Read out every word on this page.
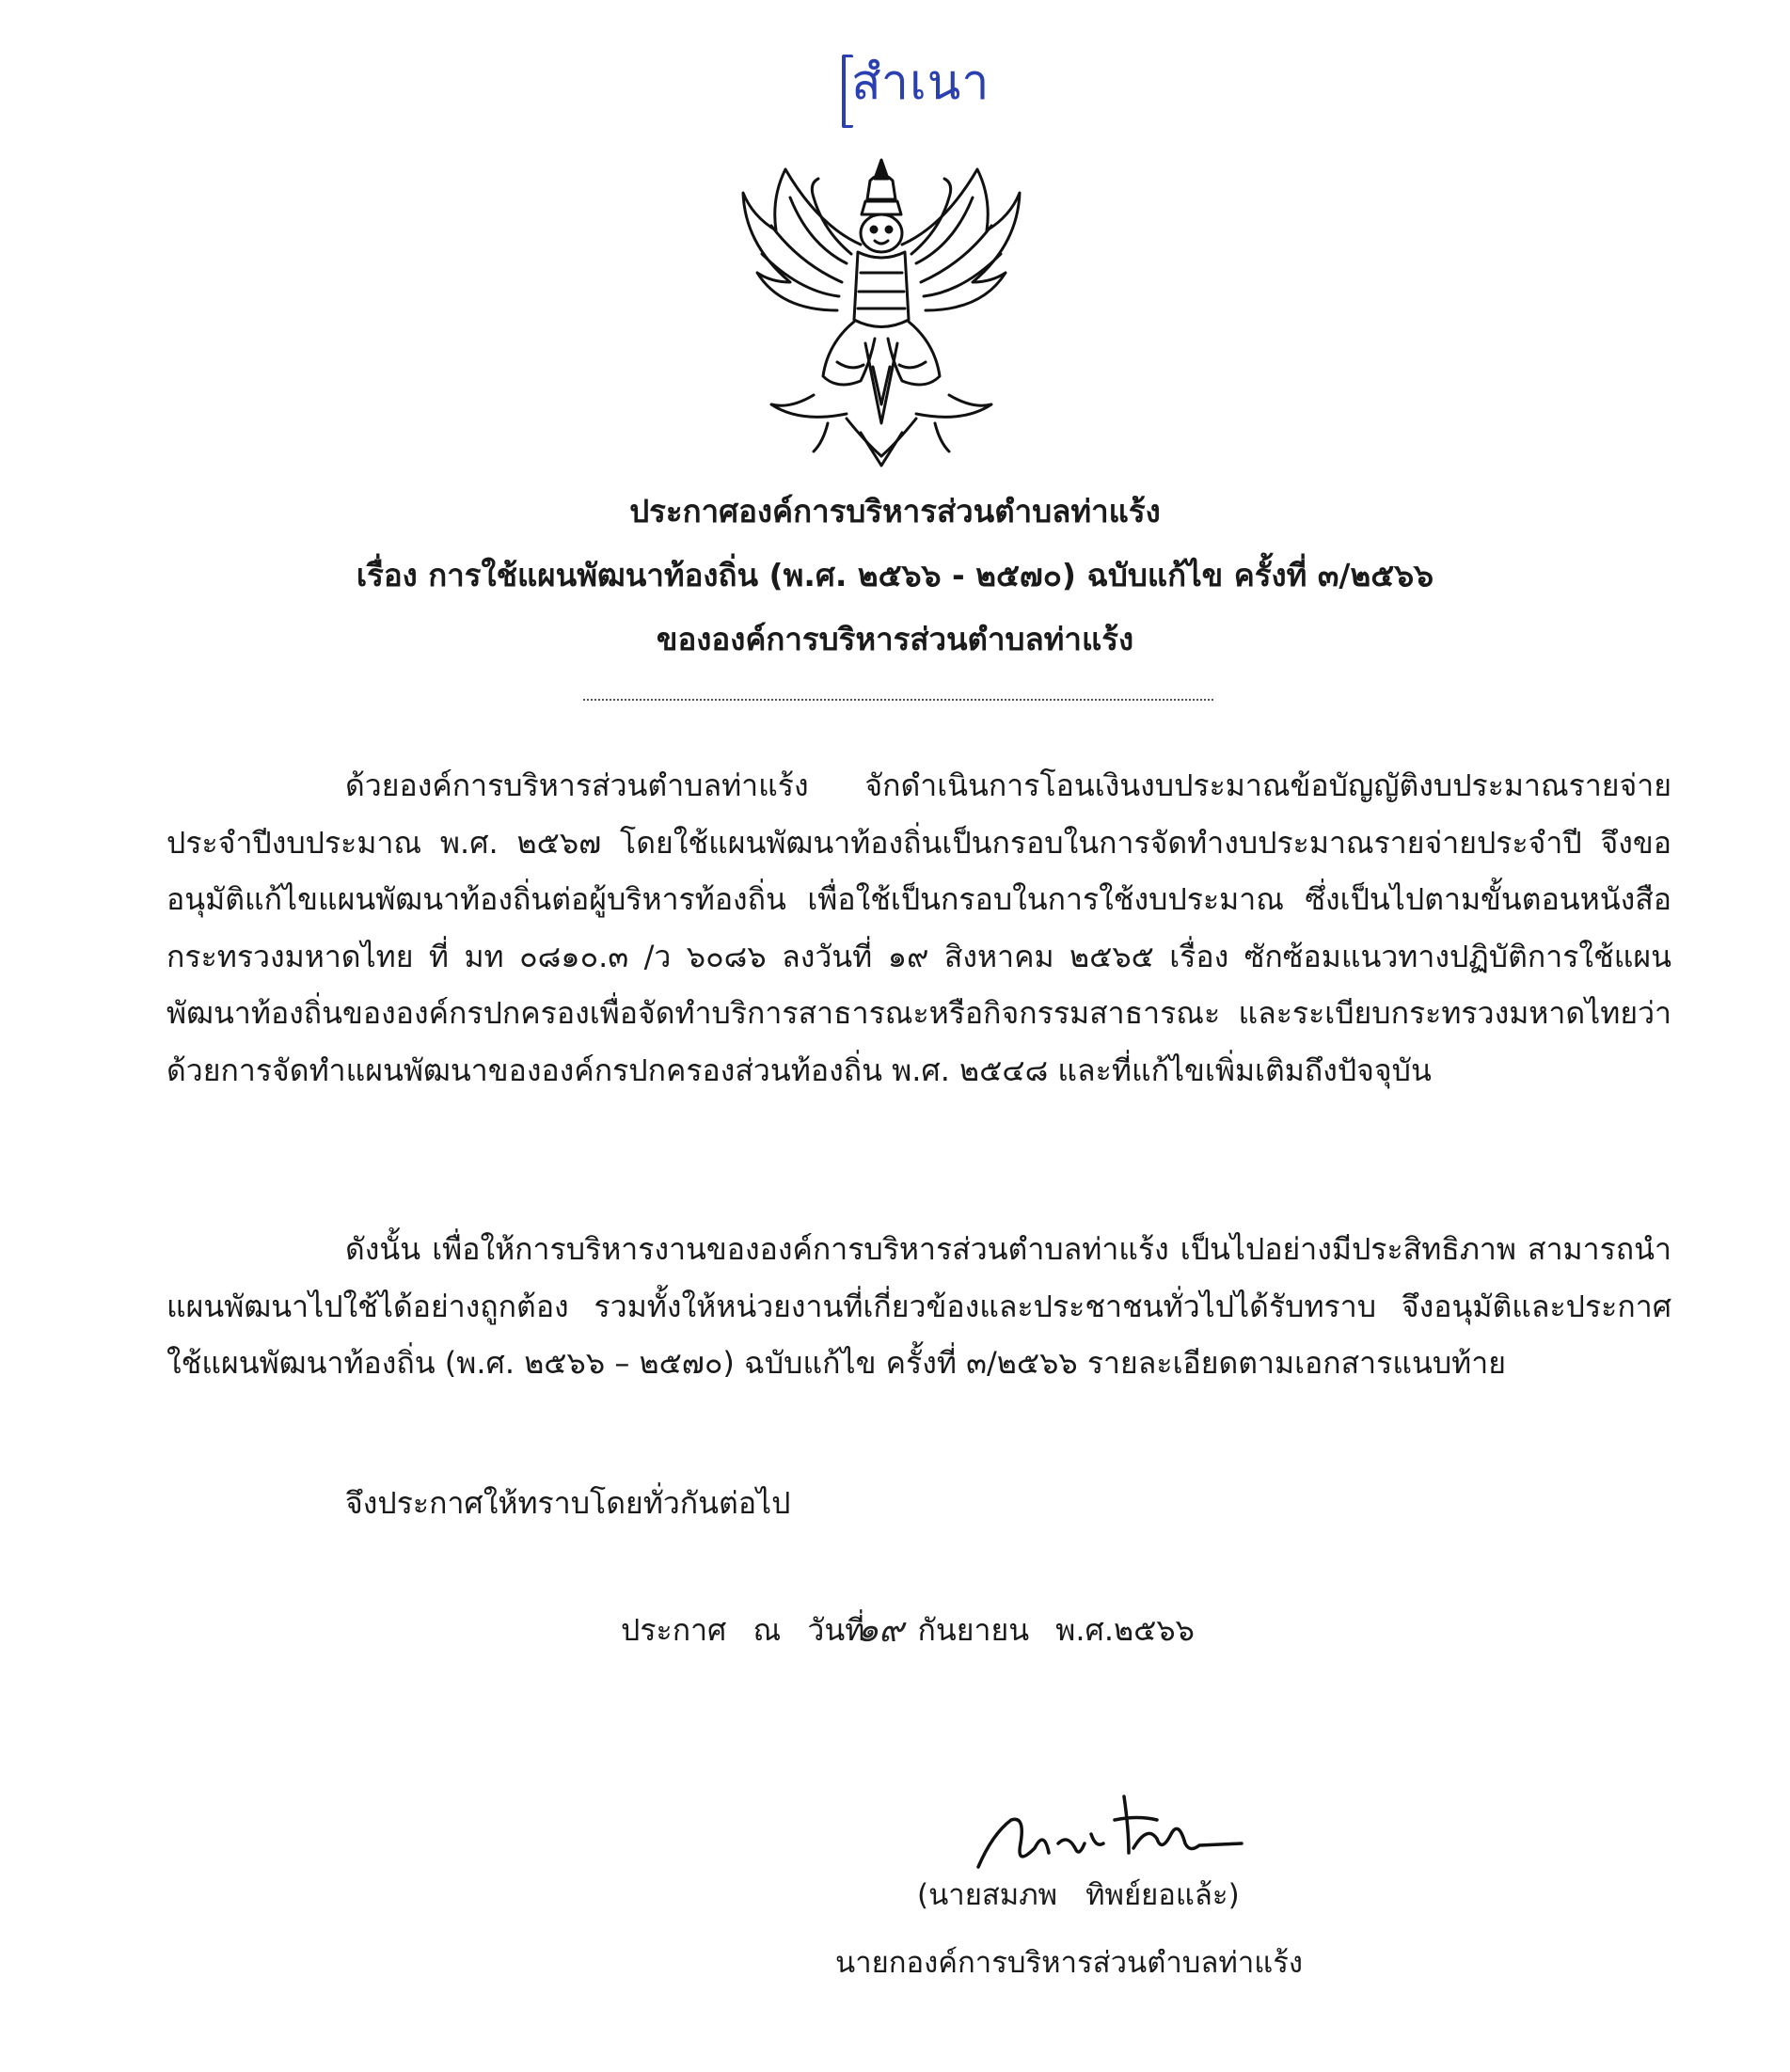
สำเนา
ประกาศองค์การบริหารส่วนตำบลท่าแร้ง
เรื่อง การใช้แผนพัฒนาท้องถิ่น (พ.ศ. ๒๕๖๖ - ๒๕๗๐) ฉบับแก้ไข ครั้งที่ ๓/๒๕๖๖
ขององค์การบริหารส่วนตำบลท่าแร้ง

ด้วยองค์การบริหารส่วนตำบลท่าแร้ง จักดำเนินการโอนเงินงบประมาณข้อบัญญัติงบประมาณรายจ่ายประจำปีงบประมาณ พ.ศ. ๒๕๖๗ โดยใช้แผนพัฒนาท้องถิ่นเป็นกรอบในการจัดทำงบประมาณรายจ่ายประจำปี จึงขออนุมัติแก้ไขแผนพัฒนาท้องถิ่นต่อผู้บริหารท้องถิ่น เพื่อใช้เป็นกรอบในการใช้งบประมาณ ซึ่งเป็นไปตามขั้นตอนหนังสือกระทรวงมหาดไทย ที่ มท ๐๘๑๐.๓ /ว ๖๐๘๖ ลงวันที่ ๑๙ สิงหาคม ๒๕๖๕ เรื่อง ซักซ้อมแนวทางปฏิบัติการใช้แผนพัฒนาท้องถิ่นขององค์กรปกครองเพื่อจัดทำบริการสาธารณะหรือกิจกรรมสาธารณะ และระเบียบกระทรวงมหาดไทยว่าด้วยการจัดทำแผนพัฒนาขององค์กรปกครองส่วนท้องถิ่น พ.ศ. ๒๕๔๘ และที่แก้ไขเพิ่มเติมถึงปัจจุบัน

ดังนั้น เพื่อให้การบริหารงานขององค์การบริหารส่วนตำบลท่าแร้ง เป็นไปอย่างมีประสิทธิภาพ สามารถนำแผนพัฒนาไปใช้ได้อย่างถูกต้อง รวมทั้งให้หน่วยงานที่เกี่ยวข้องและประชาชนทั่วไปได้รับทราบ จึงอนุมัติและประกาศใช้แผนพัฒนาท้องถิ่น (พ.ศ. ๒๕๖๖ – ๒๕๗๐) ฉบับแก้ไข ครั้งที่ ๓/๒๕๖๖ รายละเอียดตามเอกสารแนบท้าย

จึงประกาศให้ทราบโดยทั่วกันต่อไป

ประกาศ ณ วันที่
๑๙ กันยายน พ.ศ.๒๕๖๖
(นายสมภพ ทิพย์ยอแล้ะ)
นายกองค์การบริหารส่วนตำบลท่าแร้ง
